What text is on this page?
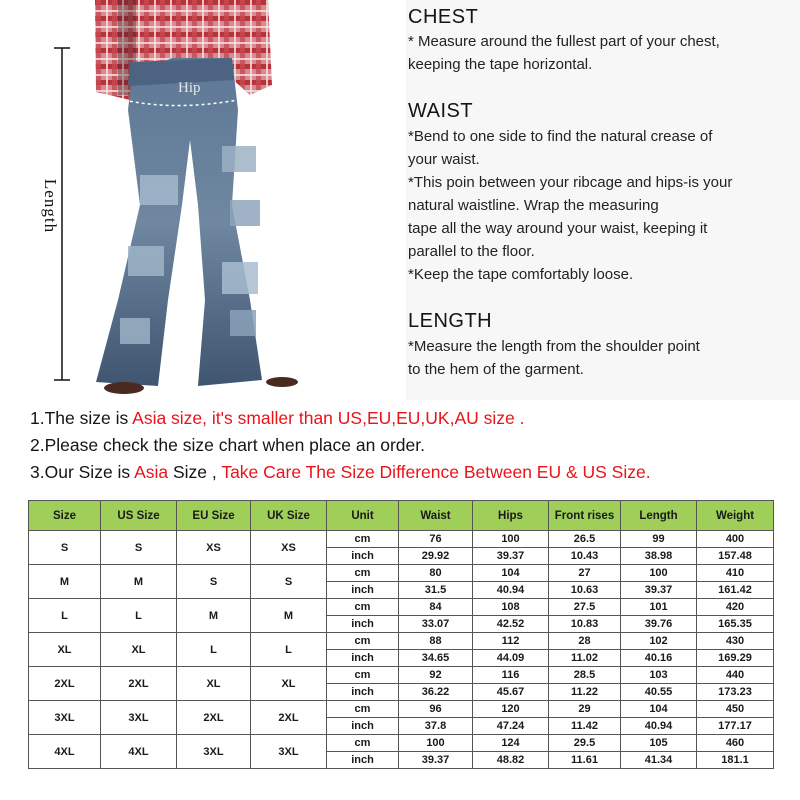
Hip
Length
CHEST

* Measure around the fullest part of your chest,

keeping the tape horizontal.

WAIST

*Bend to one side to find the natural crease of

your waist.

*This poin between your ribcage and hips-is your

natural waistline. Wrap the measuring

tape all the way around your waist, keeping it

parallel to the floor.

*Keep the tape comfortably loose.

LENGTH

*Measure the length from the shoulder point

to the hem of the garment.

1.The size is Asia size, it's smaller than US,EU,EU,UK,AU size .
2.Please check the size chart when place an order.
3.Our Size is Asia Size , Take Care The Size Difference Between EU & US Size.
Size	US Size	EU Size	UK Size	Unit	Waist	Hips	Front rises	Length	Weight
S	S	XS	XS	cm	76	100	26.5	99	400
				inch	29.92	39.37	10.43	38.98	157.48
M	M	S	S	cm	80	104	27	100	410
				inch	31.5	40.94	10.63	39.37	161.42
L	L	M	M	cm	84	108	27.5	101	420
				inch	33.07	42.52	10.83	39.76	165.35
XL	XL	L	L	cm	88	112	28	102	430
				inch	34.65	44.09	11.02	40.16	169.29
2XL	2XL	XL	XL	cm	92	116	28.5	103	440
				inch	36.22	45.67	11.22	40.55	173.23
3XL	3XL	2XL	2XL	cm	96	120	29	104	450
				inch	37.8	47.24	11.42	40.94	177.17
4XL	4XL	3XL	3XL	cm	100	124	29.5	105	460
				inch	39.37	48.82	11.61	41.34	181.1
